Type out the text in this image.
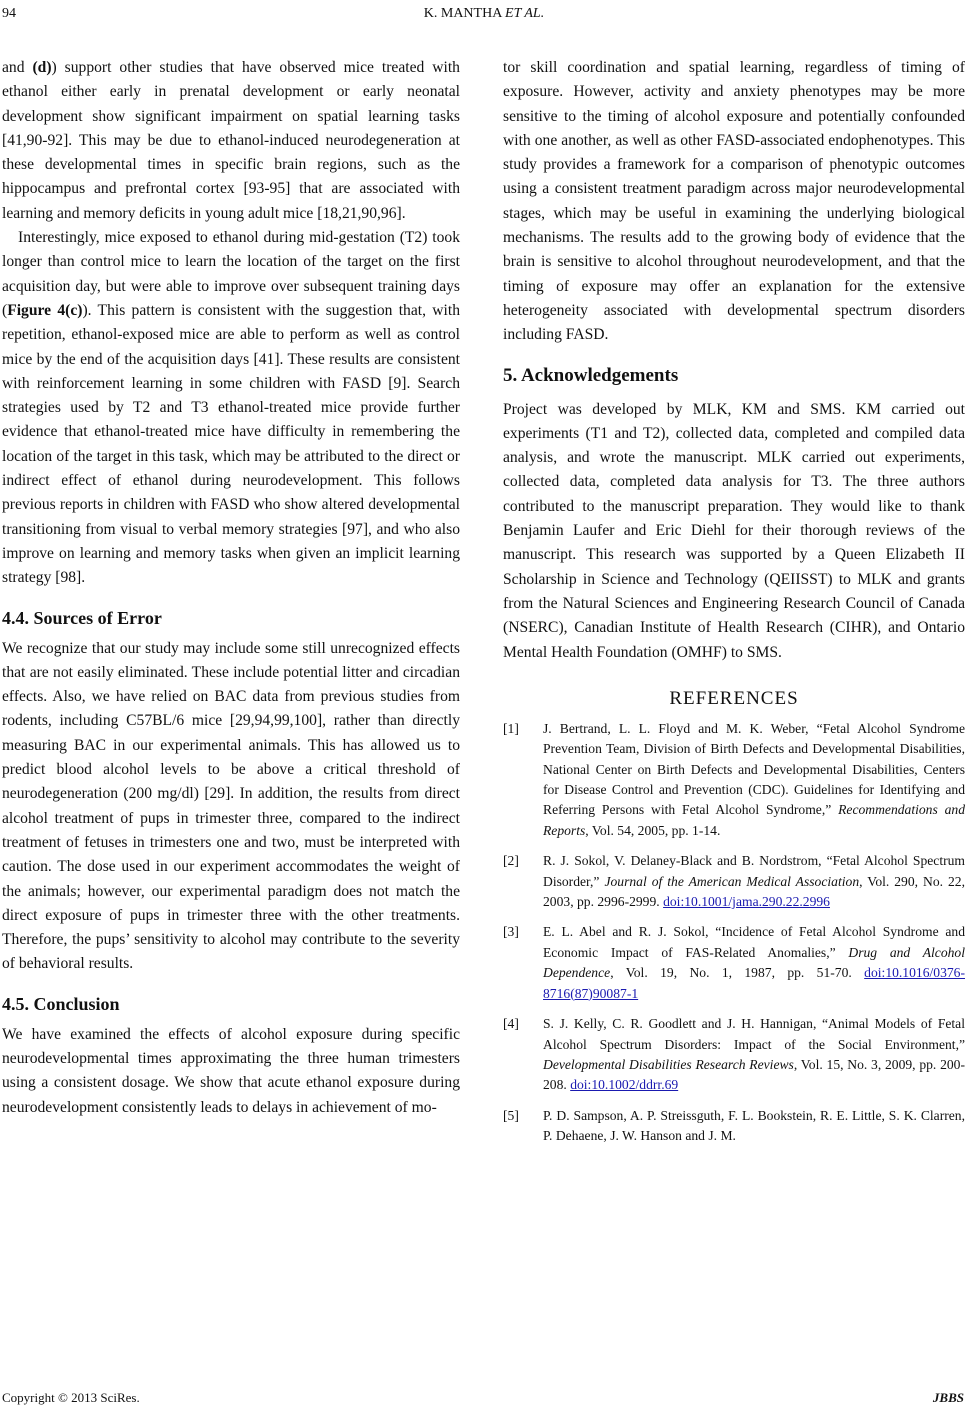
94	K. MANTHA ET AL.

and (d)) support other studies that have observed mice treated with ethanol either early in prenatal development or early neonatal development show significant impairment on spatial learning tasks [41,90-92]. This may be due to ethanol-induced neurodegeneration at these developmental times in specific brain regions, such as the hippocampus and prefrontal cortex [93-95] that are associated with learning and memory deficits in young adult mice [18,21,90,96].

Interestingly, mice exposed to ethanol during mid-gestation (T2) took longer than control mice to learn the location of the target on the first acquisition day, but were able to improve over subsequent training days (Figure 4(c)). This pattern is consistent with the suggestion that, with repetition, ethanol-exposed mice are able to perform as well as control mice by the end of the acquisition days [41]. These results are consistent with reinforcement learning in some children with FASD [9]. Search strategies used by T2 and T3 ethanol-treated mice provide further evidence that ethanol-treated mice have difficulty in remembering the location of the target in this task, which may be attributed to the direct or indirect effect of ethanol during neurodevelopment. This follows previous reports in children with FASD who show altered developmental transitioning from visual to verbal memory strategies [97], and who also improve on learning and memory tasks when given an implicit learning strategy [98].

4.4. Sources of Error

We recognize that our study may include some still unrecognized effects that are not easily eliminated. These include potential litter and circadian effects. Also, we have relied on BAC data from previous studies from rodents, including C57BL/6 mice [29,94,99,100], rather than directly measuring BAC in our experimental animals. This has allowed us to predict blood alcohol levels to be above a critical threshold of neurodegeneration (200 mg/dl) [29]. In addition, the results from direct alcohol treatment of pups in trimester three, compared to the indirect treatment of fetuses in trimesters one and two, must be interpreted with caution. The dose used in our experiment accommodates the weight of the animals; however, our experimental paradigm does not match the direct exposure of pups in trimester three with the other treatments. Therefore, the pups’ sensitivity to alcohol may contribute to the severity of behavioral results.

4.5. Conclusion

We have examined the effects of alcohol exposure during specific neurodevelopmental times approximating the three human trimesters using a consistent dosage. We show that acute ethanol exposure during neurodevelopment consistently leads to delays in achievement of mo-

tor skill coordination and spatial learning, regardless of timing of exposure. However, activity and anxiety phenotypes may be more sensitive to the timing of alcohol exposure and potentially confounded with one another, as well as other FASD-associated endophenotypes. This study provides a framework for a comparison of phenotypic outcomes using a consistent treatment paradigm across major neurodevelopmental stages, which may be useful in examining the underlying biological mechanisms. The results add to the growing body of evidence that the brain is sensitive to alcohol throughout neurodevelopment, and that the timing of exposure may offer an explanation for the extensive heterogeneity associated with developmental spectrum disorders including FASD.

5. Acknowledgements

Project was developed by MLK, KM and SMS. KM carried out experiments (T1 and T2), collected data, completed and compiled data analysis, and wrote the manuscript. MLK carried out experiments, collected data, completed data analysis for T3. The three authors contributed to the manuscript preparation. They would like to thank Benjamin Laufer and Eric Diehl for their thorough reviews of the manuscript. This research was supported by a Queen Elizabeth II Scholarship in Science and Technology (QEIISST) to MLK and grants from the Natural Sciences and Engineering Research Council of Canada (NSERC), Canadian Institute of Health Research (CIHR), and Ontario Mental Health Foundation (OMHF) to SMS.

REFERENCES
[1]	J. Bertrand, L. L. Floyd and M. K. Weber, “Fetal Alcohol Syndrome Prevention Team, Division of Birth Defects and Developmental Disabilities, National Center on Birth Defects and Developmental Disabilities, Centers for Disease Control and Prevention (CDC). Guidelines for Identifying and Referring Persons with Fetal Alcohol Syndrome,” Recommendations and Reports, Vol. 54, 2005, pp. 1-14.
[2]	R. J. Sokol, V. Delaney-Black and B. Nordstrom, “Fetal Alcohol Spectrum Disorder,” Journal of the American Medical Association, Vol. 290, No. 22, 2003, pp. 2996-2999. doi:10.1001/jama.290.22.2996
[3]	E. L. Abel and R. J. Sokol, “Incidence of Fetal Alcohol Syndrome and Economic Impact of FAS-Related Anomalies,” Drug and Alcohol Dependence, Vol. 19, No. 1, 1987, pp. 51-70. doi:10.1016/0376-8716(87)90087-1
[4]	S. J. Kelly, C. R. Goodlett and J. H. Hannigan, “Animal Models of Fetal Alcohol Spectrum Disorders: Impact of the Social Environment,” Developmental Disabilities Research Reviews, Vol. 15, No. 3, 2009, pp. 200-208. doi:10.1002/ddrr.69
[5]	P. D. Sampson, A. P. Streissguth, F. L. Bookstein, R. E. Little, S. K. Clarren, P. Dehaene, J. W. Hanson and J. M.
Copyright © 2013 SciRes.	JBBS
